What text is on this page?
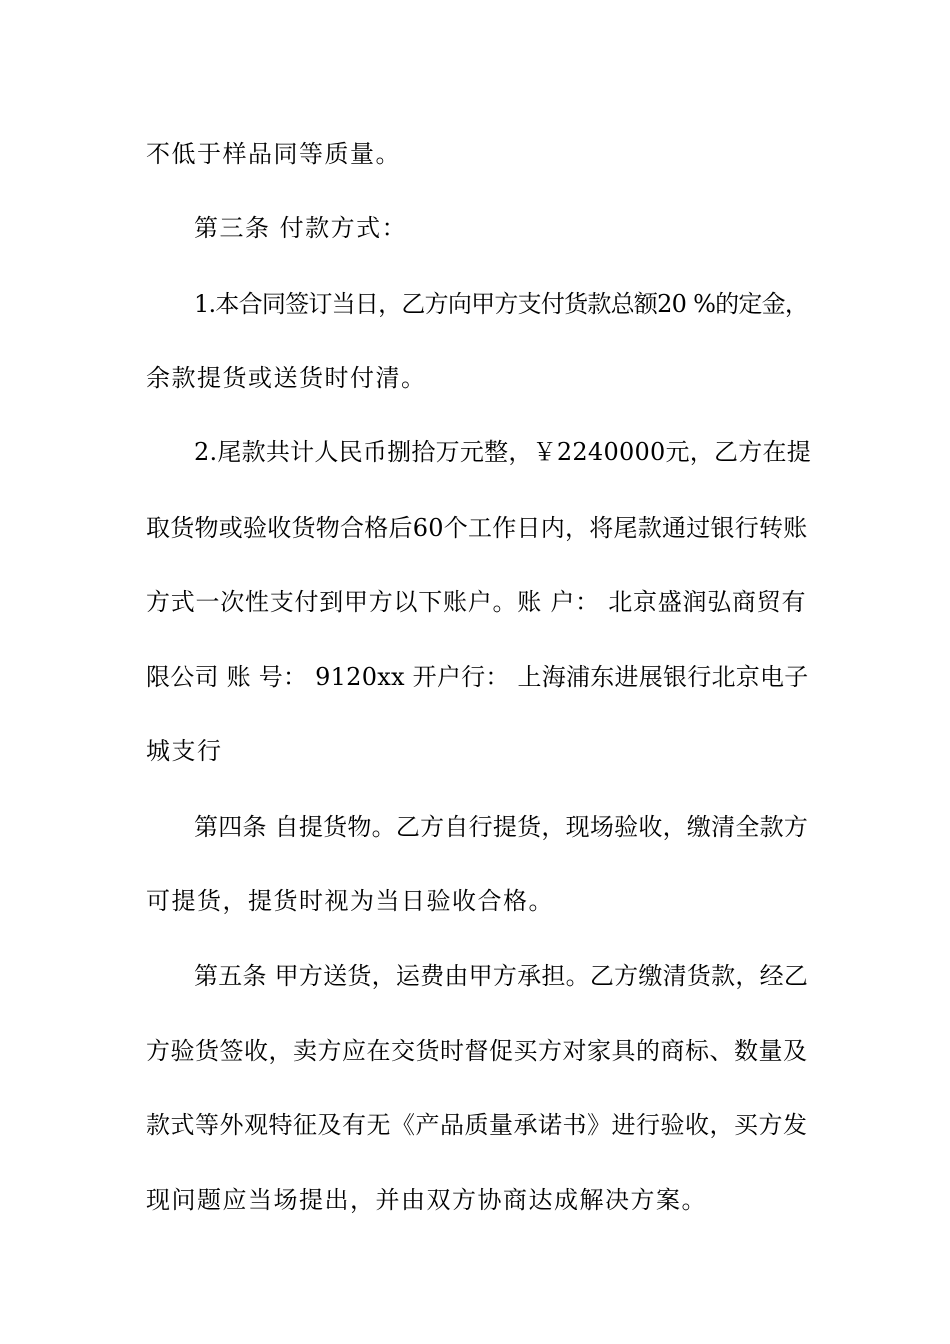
不低于样品同等质量。
第三条 付款方式：
1.本合同签订当日，乙方向甲方支付货款总额20 %的定金，
余款提货或送货时付清。
2.尾款共计人民币捌拾万元整，￥2240000元，乙方在提
取货物或验收货物合格后60个工作日内，将尾款通过银行转账
方式一次性支付到甲方以下账户。账 户： 北京盛润弘商贸有
限公司 账 号： 9120xx 开户行： 上海浦东进展银行北京电子
城支行
第四条 自提货物。乙方自行提货，现场验收，缴清全款方
可提货，提货时视为当日验收合格。
第五条 甲方送货，运费由甲方承担。乙方缴清货款，经乙
方验货签收，卖方应在交货时督促买方对家具的商标、数量及
款式等外观特征及有无《产品质量承诺书》进行验收，买方发
现问题应当场提出，并由双方协商达成解决方案。
